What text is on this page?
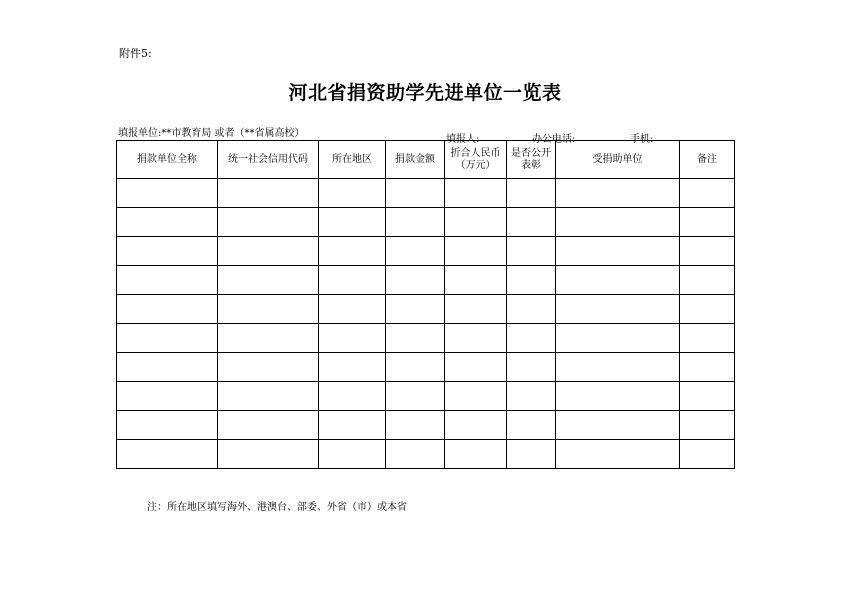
附件5:
河北省捐资助学先进单位一览表
填报单位:**市教育局 或者（**省属高校）
填报人:	办公电话:	手机:
捐款单位全称	统一社会信用代码	所在地区	捐款金额	折合人民币（万元）	是否公开表彰	受捐助单位	备注

注：所在地区填写海外、港澳台、部委、外省（市）或本省
